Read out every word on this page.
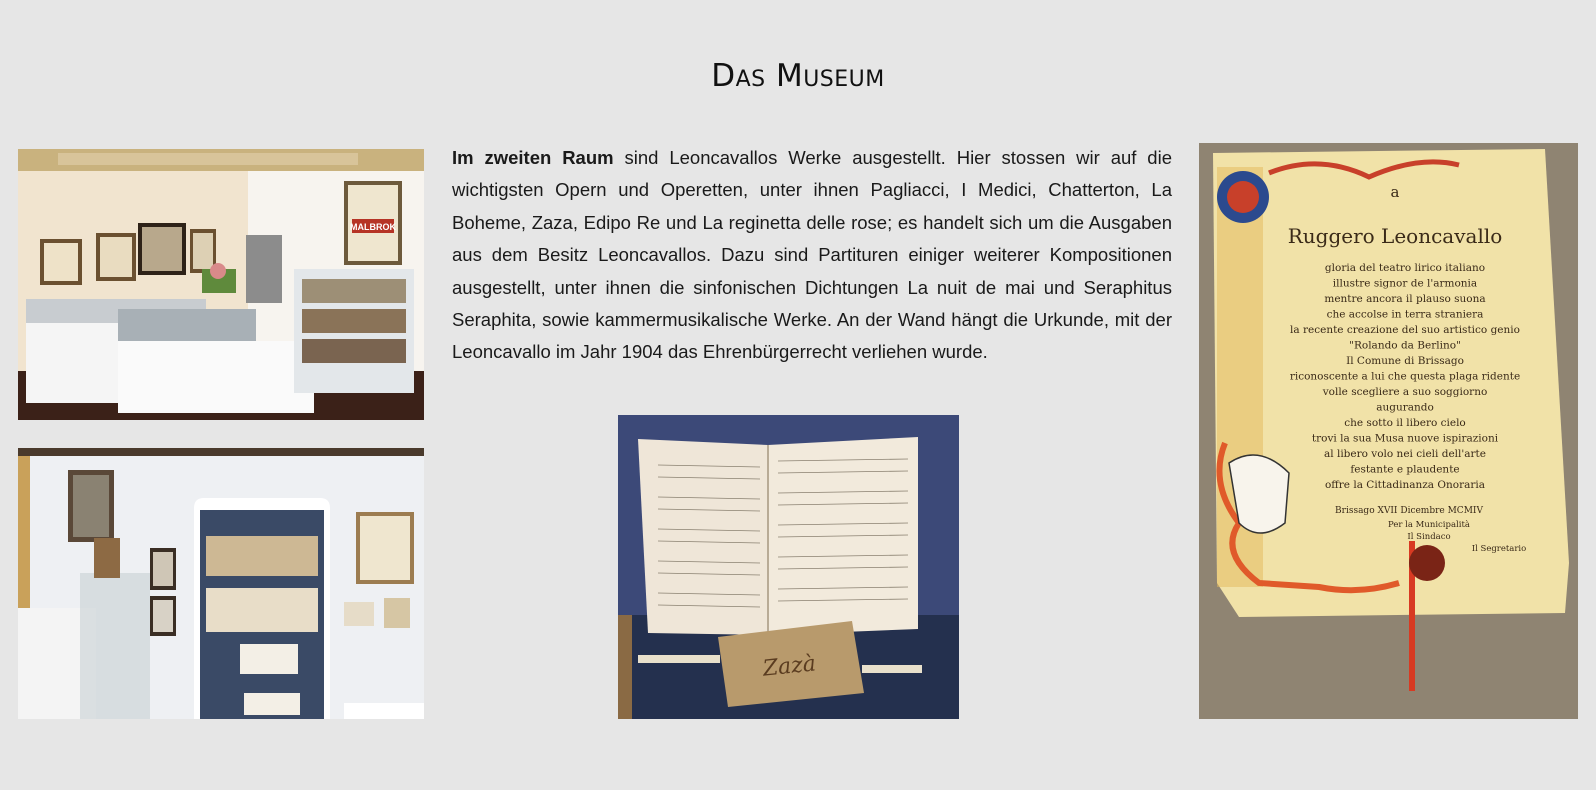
Das Museum

Im zweiten Raum sind Leoncavallos Werke ausgestellt. Hier stossen wir auf die wichtigsten Opern und Operetten, unter ihnen Pagliacci, I Medici, Chatterton, La Boheme, Zaza, Edipo Re und La reginetta delle rose; es handelt sich um die Ausgaben aus dem Besitz Leoncavallos. Dazu sind Partituren einiger weiterer Kompositionen ausgestellt, unter ihnen die sinfonischen Dichtungen La nuit de mai und Seraphitus Seraphita, sowie kammermusikalische Werke. An der Wand hängt die Urkunde, mit der Leoncavallo im Jahr 1904 das Ehrenbürgerrecht verliehen wurde.

MALBROK
Zazà
a
Ruggero Leoncavallo
gloria del teatro lirico italiano
illustre signor de l'armonia
mentre ancora il plauso suona
che accolse in terra straniera
la recente creazione del suo artistico genio
"Rolando da Berlino"
Il Comune di Brissago
riconoscente a lui che questa plaga ridente
volle scegliere a suo soggiorno
augurando
che sotto il libero cielo
trovi la sua Musa nuove ispirazioni
al libero volo nei cieli dell'arte
festante e plaudente
offre la Cittadinanza Onoraria
Brissago XVII Dicembre MCMIV
Per la Municipalità
Il Sindaco
Il Segretario
